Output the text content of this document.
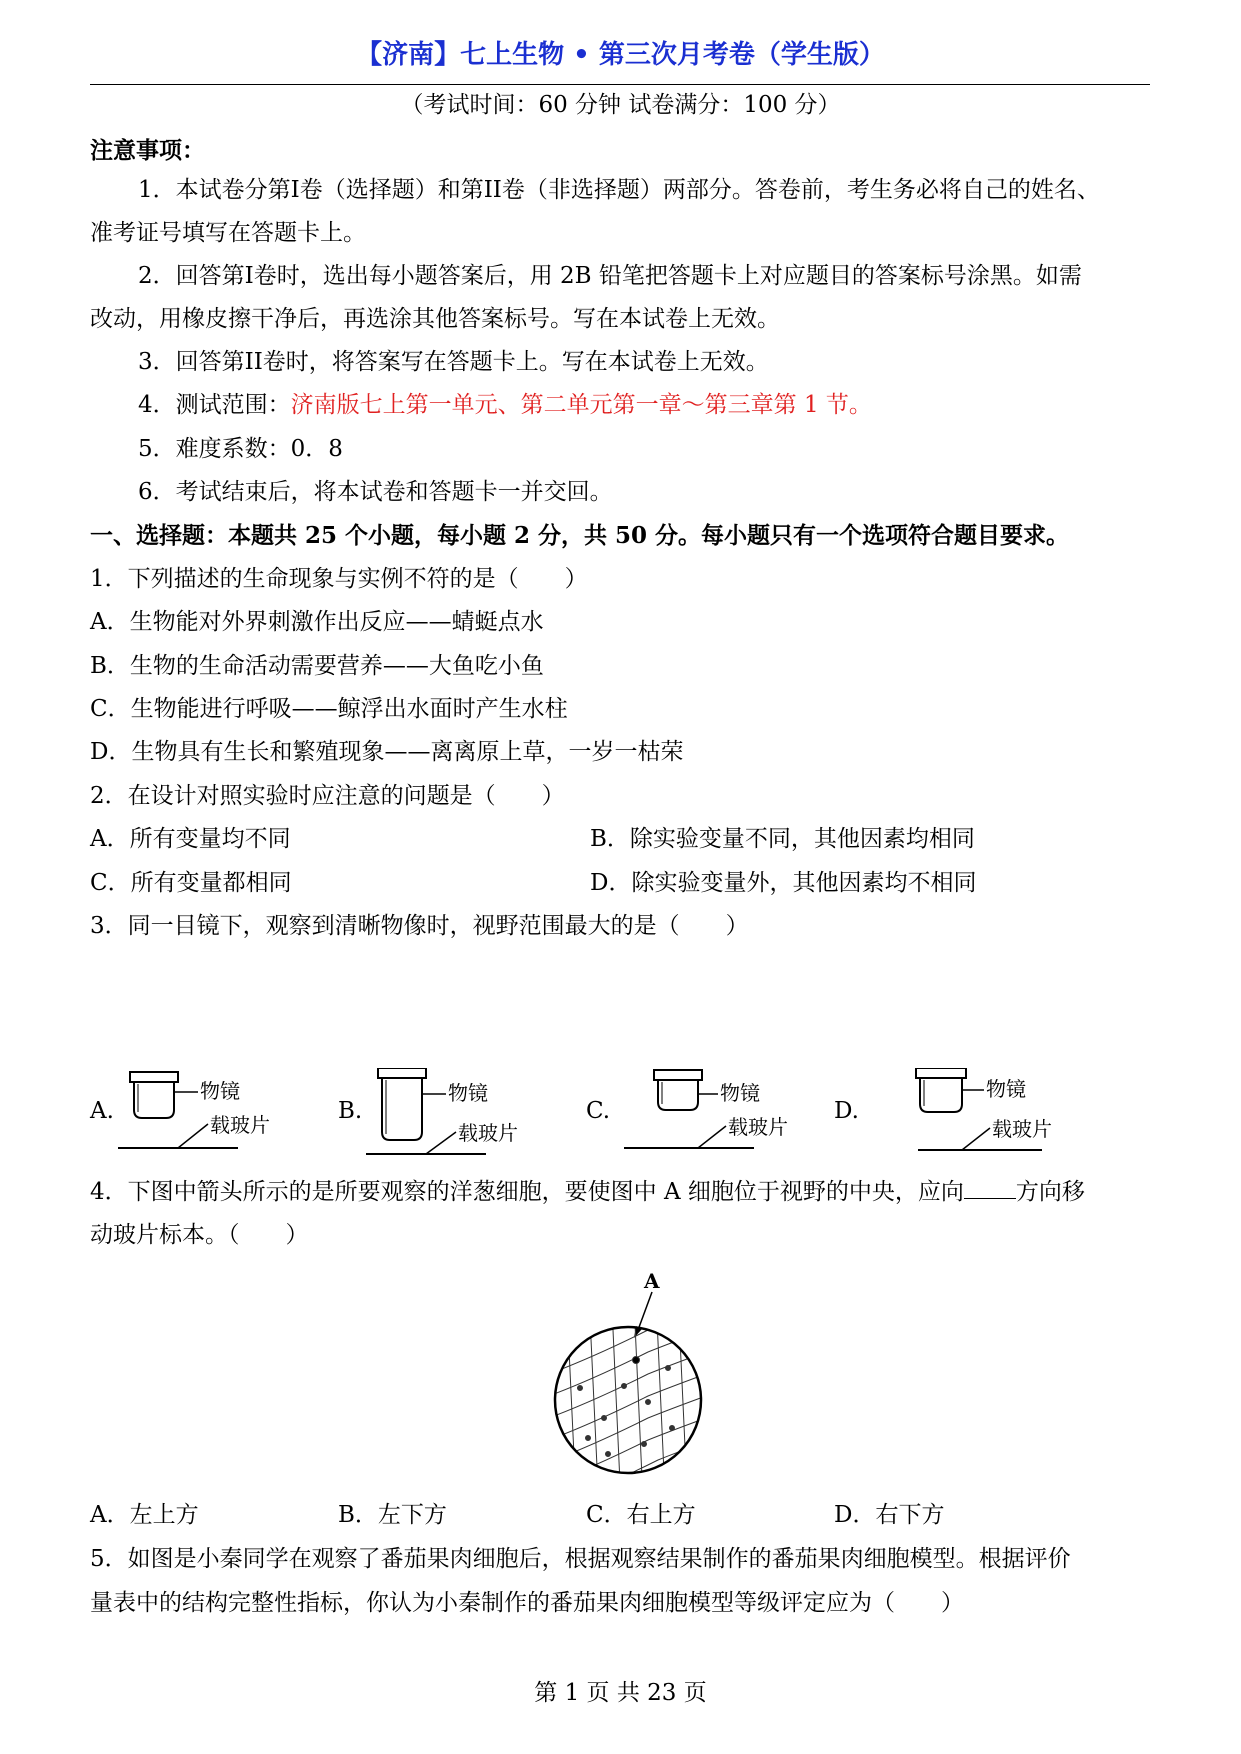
【济南】七上生物 • 第三次月考卷（学生版）
（考试时间：60 分钟 试卷满分：100 分）
注意事项：
1．本试卷分第I卷（选择题）和第II卷（非选择题）两部分。答卷前，考生务必将自己的姓名、
准考证号填写在答题卡上。
2．回答第I卷时，选出每小题答案后，用 2B 铅笔把答题卡上对应题目的答案标号涂黑。如需
改动，用橡皮擦干净后，再选涂其他答案标号。写在本试卷上无效。
3．回答第II卷时，将答案写在答题卡上。写在本试卷上无效。
4．测试范围：济南版七上第一单元、第二单元第一章～第三章第 1 节。
5．难度系数：0．8
6．考试结束后，将本试卷和答题卡一并交回。
一、选择题：本题共 25 个小题，每小题 2 分，共 50 分。每小题只有一个选项符合题目要求。
1．下列描述的生命现象与实例不符的是（　　）
A．生物能对外界刺激作出反应——蜻蜓点水
B．生物的生命活动需要营养——大鱼吃小鱼
C．生物能进行呼吸——鲸浮出水面时产生水柱
D．生物具有生长和繁殖现象——离离原上草，一岁一枯荣
2．在设计对照实验时应注意的问题是（　　）
A．所有变量均不同	B．除实验变量不同，其他因素均相同
C．所有变量都相同	D．除实验变量外，其他因素均不相同
3．同一目镜下，观察到清晰物像时，视野范围最大的是（　　）
A.
物镜
载玻片
B.
物镜
载玻片
C.
物镜
载玻片
D.
物镜
载玻片
4．下图中箭头所示的是所要观察的洋葱细胞，要使图中 A 细胞位于视野的中央，应向 方向移
动玻片标本。（　　）
A
A．左上方	B．左下方	C．右上方	D．右下方
5．如图是小秦同学在观察了番茄果肉细胞后，根据观察结果制作的番茄果肉细胞模型。根据评价
量表中的结构完整性指标，你认为小秦制作的番茄果肉细胞模型等级评定应为（　　）
第 1 页 共 23 页
